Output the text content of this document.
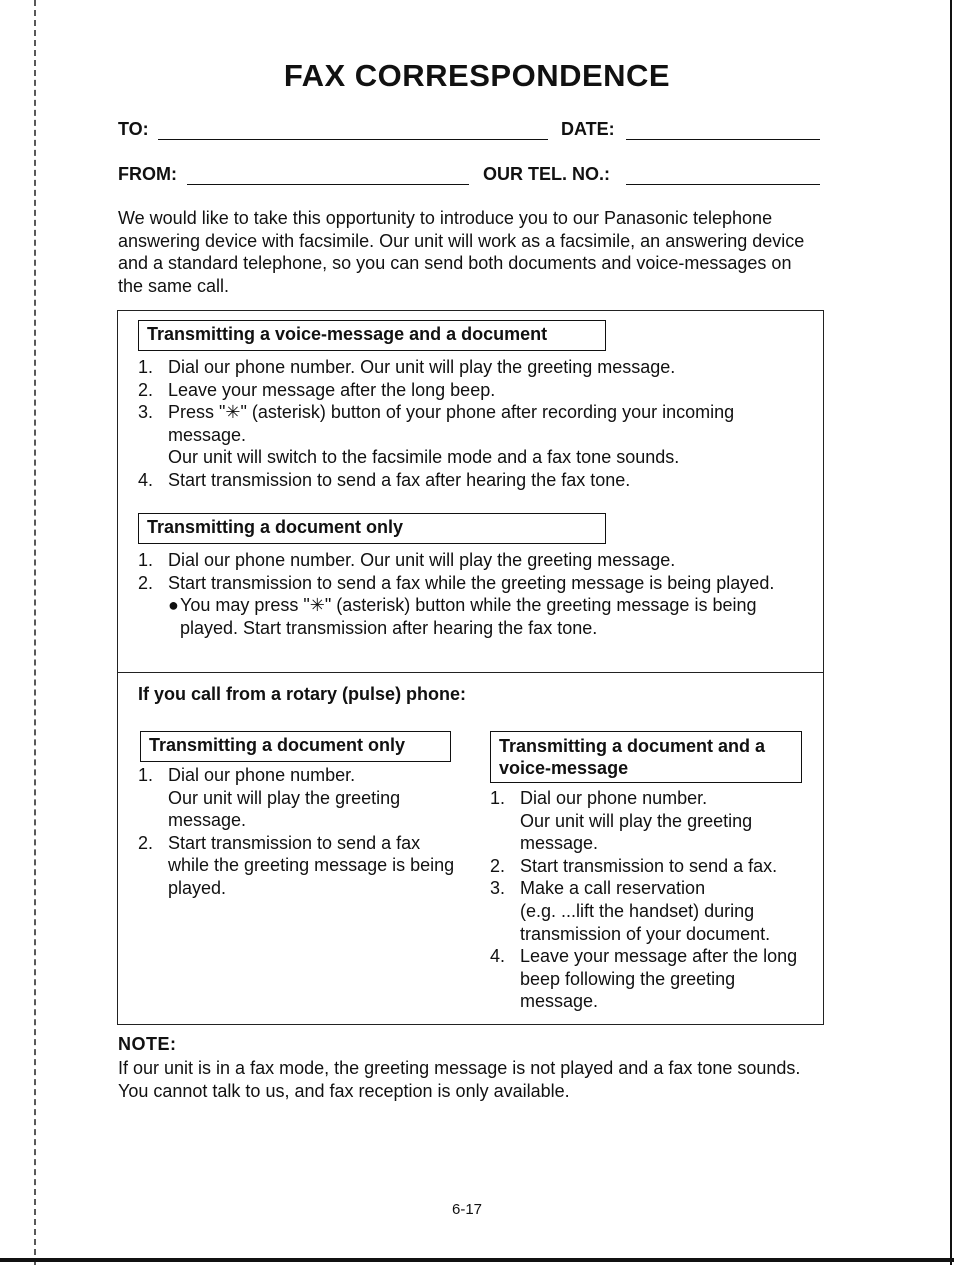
FAX CORRESPONDENCE
TO:	DATE:
FROM:	OUR TEL. NO.:
We would like to take this opportunity to introduce you to our Panasonic telephone answering device with facsimile. Our unit will work as a facsimile, an answering device and a standard telephone, so you can send both documents and voice-messages on the same call.
Transmitting a voice-message and a document
1. Dial our phone number. Our unit will play the greeting message.
2. Leave your message after the long beep.
3. Press "✳" (asterisk) button of your phone after recording your incoming message.
Our unit will switch to the facsimile mode and a fax tone sounds.
4. Start transmission to send a fax after hearing the fax tone.
Transmitting a document only
1. Dial our phone number. Our unit will play the greeting message.
2. Start transmission to send a fax while the greeting message is being played.
● You may press "✳" (asterisk) button while the greeting message is being played. Start transmission after hearing the fax tone.
If you call from a rotary (pulse) phone:
Transmitting a document only
1. Dial our phone number.
Our unit will play the greeting message.
2. Start transmission to send a fax while the greeting message is being played.
Transmitting a document and a voice-message
1. Dial our phone number.
Our unit will play the greeting message.
2. Start transmission to send a fax.
3. Make a call reservation
(e.g. ...lift the handset) during transmission of your document.
4. Leave your message after the long beep following the greeting message.
NOTE:
If our unit is in a fax mode, the greeting message is not played and a fax tone sounds. You cannot talk to us, and fax reception is only available.
6-17
